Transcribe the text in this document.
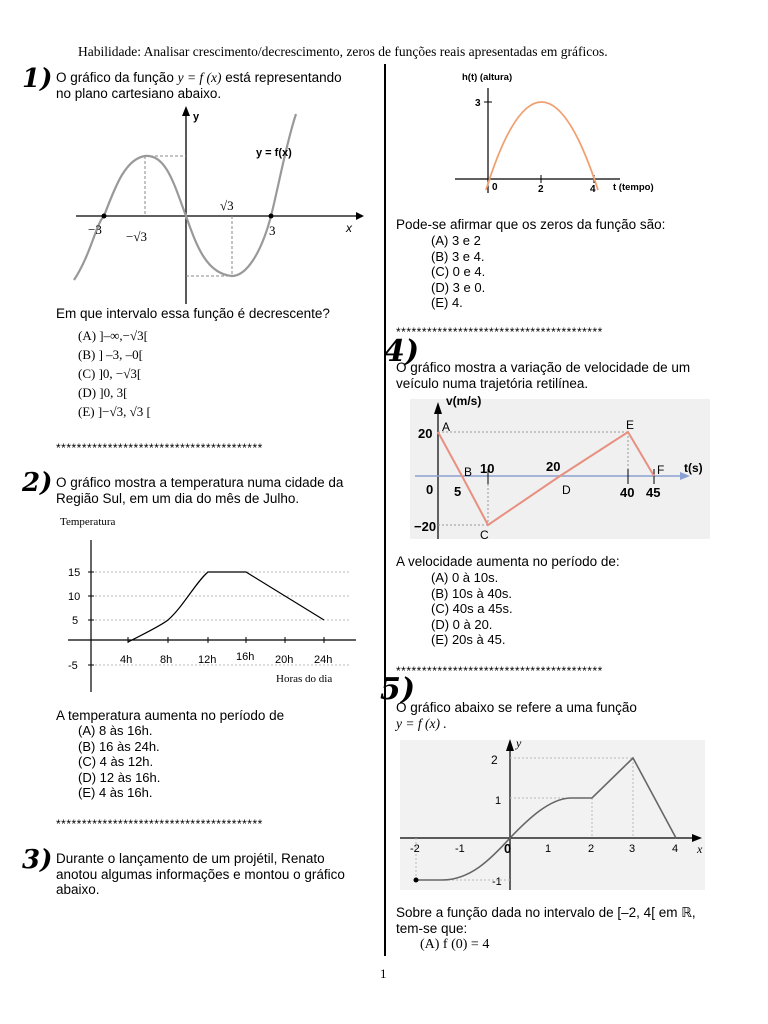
Habilidade: Analisar crescimento/decrescimento, zeros de funções reais apresentadas em gráficos.
1) O gráfico da função y = f (x) está representando
no plano cartesiano abaixo.
y
y = f(x)
x
−3 −√3
√3
3
Em que intervalo essa função é decrescente?
(A) ]–∞,−√3[
(B) ] –3, –0[
(C) ]0, −√3[
(D) ]0, 3[
(E) ]−√3, √3 [
****************************************
2) O gráfico mostra a temperatura numa cidade da
Região Sul, em um dia do mês de Julho.
Temperatura
15
10
5
-5	4h	8h 12h 16h 20h 24h
Horas do dia
A temperatura aumenta no período de
(A) 8 às 16h.
(B) 16 às 24h.
(C) 4 às 12h.
(D) 12 às 16h.
(E) 4 às 16h.
****************************************
3) Durante o lançamento de um projétil, Renato
anotou algumas informações e montou o gráfico
abaixo.
1
h(t) (altura)
3
0	2	4 t (tempo)
Pode-se afirmar que os zeros da função são:
(A) 3 e 2
(B) 3 e 4.
(C) 0 e 4.
(D) 3 e 0.
(E) 4.
****************************************
4)
O gráfico mostra a variação de velocidade de um
veículo numa trajetória retilínea.
v(m/s)
t(s)
20
−20
0 5
10	20
40 45
A
B
C
D
E
F
A velocidade aumenta no período de:
(A) 0 à 10s.
(B) 10s à 40s.
(C) 40s a 45s.
(D) 0 à 20.
(E) 20s à 45.
****************************************
5)
O gráfico abaixo se refere a uma função
y = f (x) .
y
x
2
1
-1
-2	-1	0	1	2	3	4
Sobre a função dada no intervalo de [–2, 4[ em ℝ,
tem-se que:
(A) f (0) = 4
